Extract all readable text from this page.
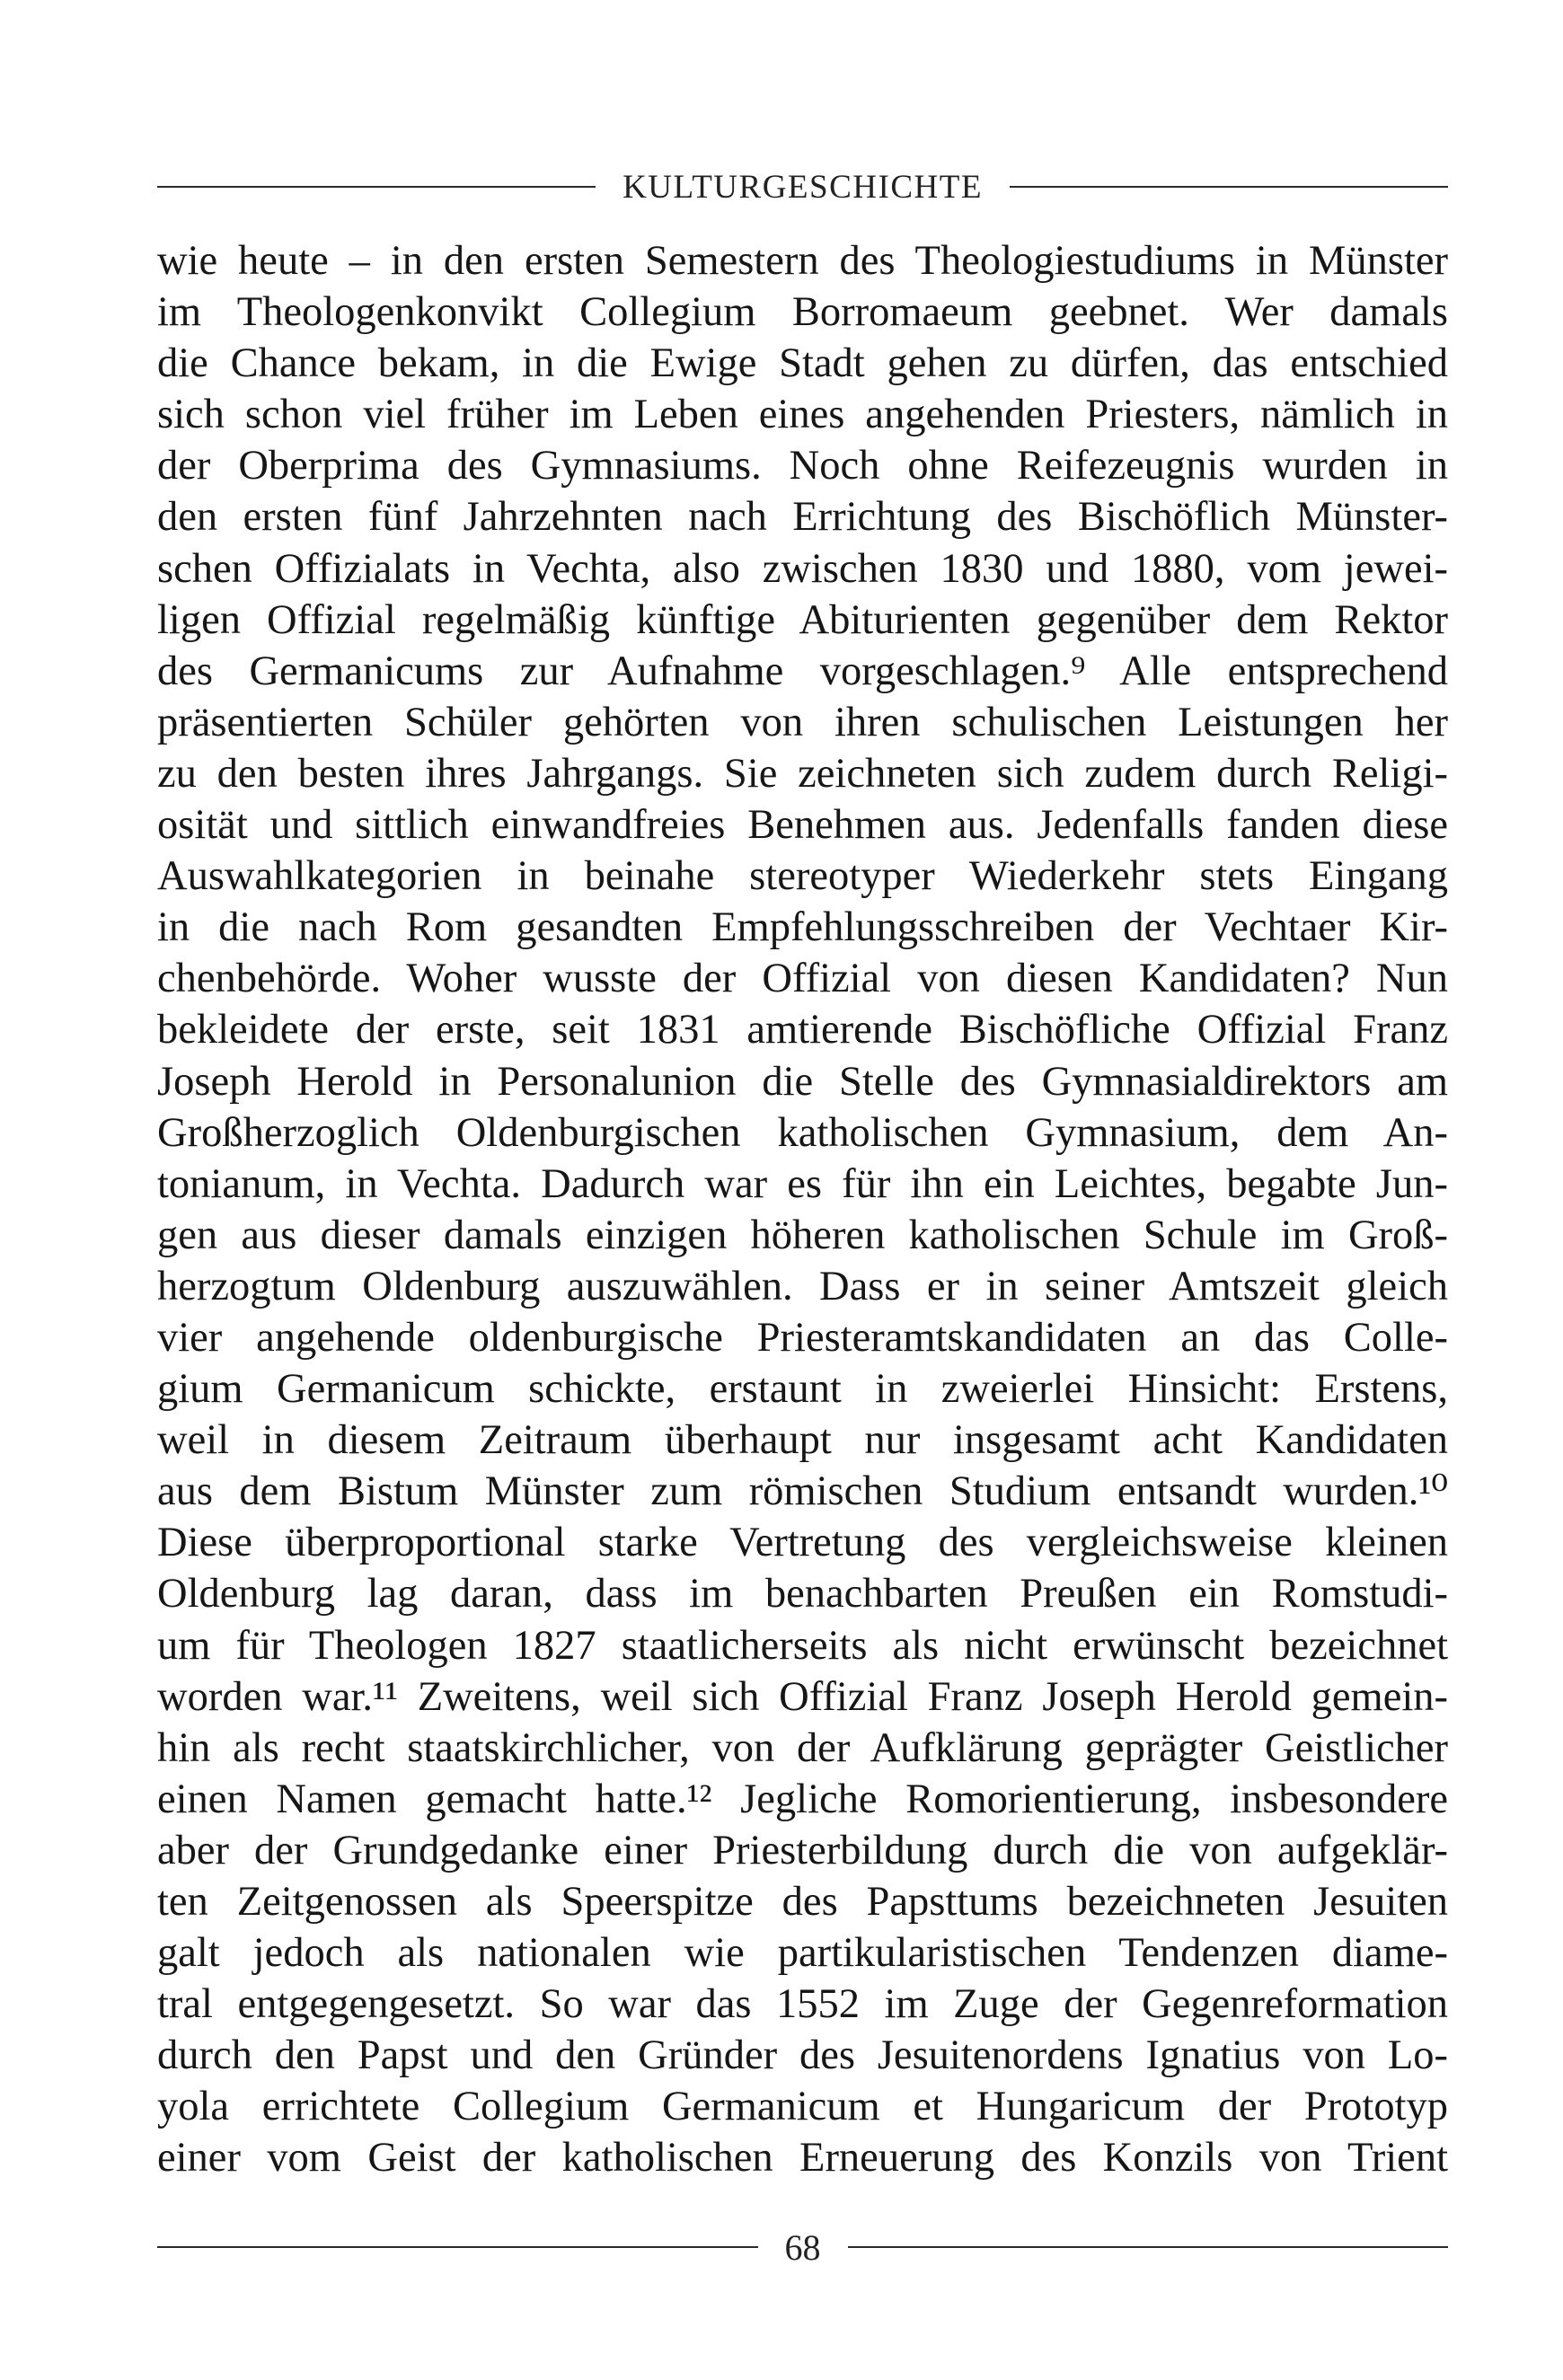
KULTURGESCHICHTE
wie heute – in den ersten Semestern des Theologiestudiums in Münster
im Theologenkonvikt Collegium Borromaeum geebnet. Wer damals
die Chance bekam, in die Ewige Stadt gehen zu dürfen, das entschied
sich schon viel früher im Leben eines angehenden Priesters, nämlich in
der Oberprima des Gymnasiums. Noch ohne Reifezeugnis wurden in
den ersten fünf Jahrzehnten nach Errichtung des Bischöflich Münster-
schen Offizialats in Vechta, also zwischen 1830 und 1880, vom jewei-
ligen Offizial regelmäßig künftige Abiturienten gegenüber dem Rektor
des Germanicums zur Aufnahme vorgeschlagen.⁹ Alle entsprechend
präsentierten Schüler gehörten von ihren schulischen Leistungen her
zu den besten ihres Jahrgangs. Sie zeichneten sich zudem durch Religi-
osität und sittlich einwandfreies Benehmen aus. Jedenfalls fanden diese
Auswahlkategorien in beinahe stereotyper Wiederkehr stets Eingang
in die nach Rom gesandten Empfehlungsschreiben der Vechtaer Kir-
chenbehörde. Woher wusste der Offizial von diesen Kandidaten? Nun
bekleidete der erste, seit 1831 amtierende Bischöfliche Offizial Franz
Joseph Herold in Personalunion die Stelle des Gymnasialdirektors am
Großherzoglich Oldenburgischen katholischen Gymnasium, dem An-
tonianum, in Vechta. Dadurch war es für ihn ein Leichtes, begabte Jun-
gen aus dieser damals einzigen höheren katholischen Schule im Groß-
herzogtum Oldenburg auszuwählen. Dass er in seiner Amtszeit gleich
vier angehende oldenburgische Priesteramtskandidaten an das Colle-
gium Germanicum schickte, erstaunt in zweierlei Hinsicht: Erstens,
weil in diesem Zeitraum überhaupt nur insgesamt acht Kandidaten
aus dem Bistum Münster zum römischen Studium entsandt wurden.¹⁰
Diese überproportional starke Vertretung des vergleichsweise kleinen
Oldenburg lag daran, dass im benachbarten Preußen ein Romstudi-
um für Theologen 1827 staatlicherseits als nicht erwünscht bezeichnet
worden war.¹¹ Zweitens, weil sich Offizial Franz Joseph Herold gemein-
hin als recht staatskirchlicher, von der Aufklärung geprägter Geistlicher
einen Namen gemacht hatte.¹² Jegliche Romorientierung, insbesondere
aber der Grundgedanke einer Priesterbildung durch die von aufgeklär-
ten Zeitgenossen als Speerspitze des Papsttums bezeichneten Jesuiten
galt jedoch als nationalen wie partikularistischen Tendenzen diame-
tral entgegengesetzt. So war das 1552 im Zuge der Gegenreformation
durch den Papst und den Gründer des Jesuitenordens Ignatius von Lo-
yola errichtete Collegium Germanicum et Hungaricum der Prototyp
einer vom Geist der katholischen Erneuerung des Konzils von Trient
68
